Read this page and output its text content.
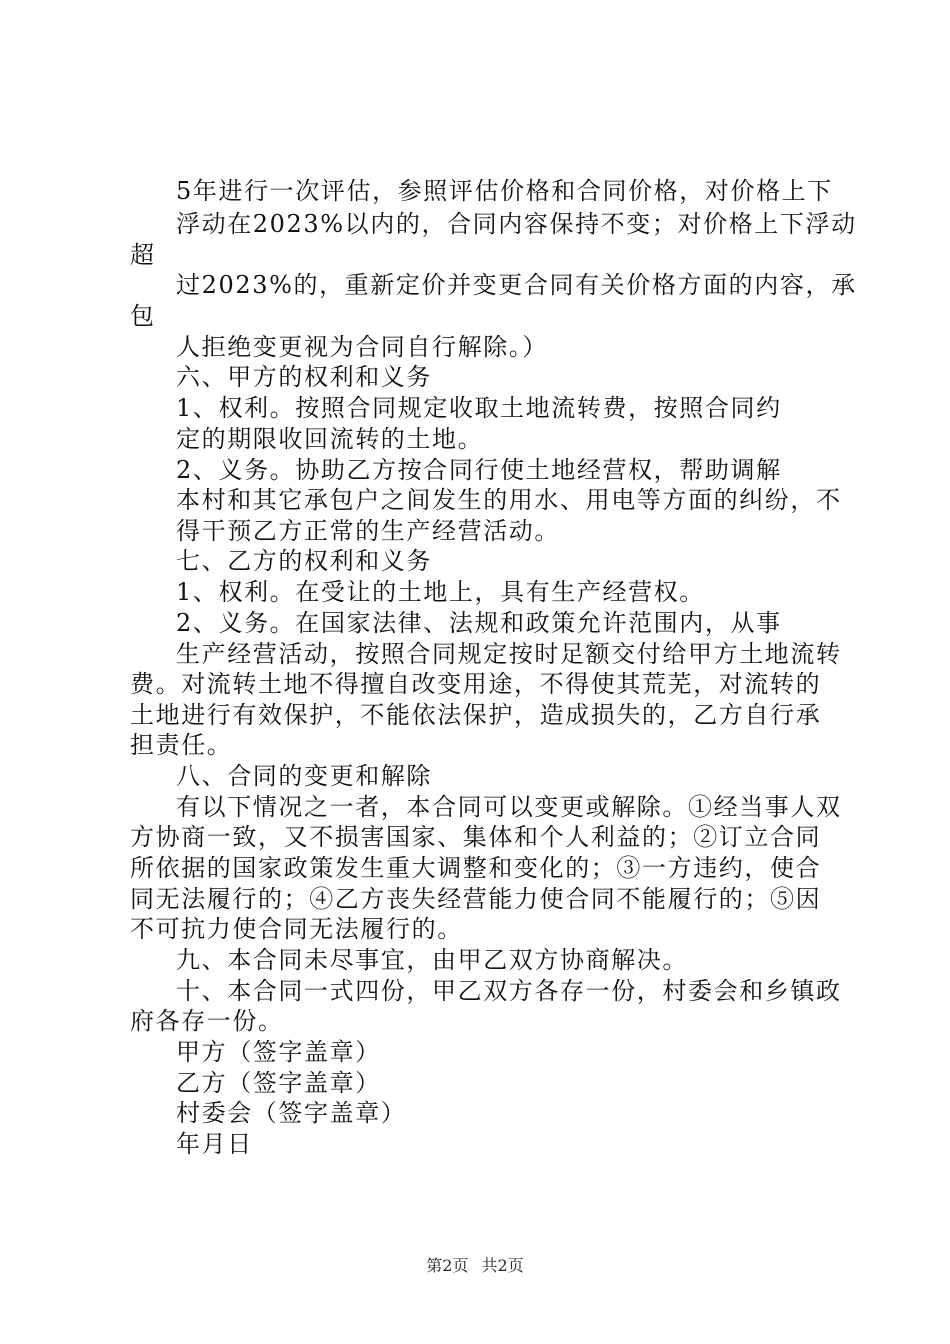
5年进行一次评估，参照评估价格和合同价格，对价格上下
浮动在2023%以内的，合同内容保持不变；对价格上下浮动
超
过2023%的，重新定价并变更合同有关价格方面的内容，承
包
人拒绝变更视为合同自行解除。）
六、甲方的权利和义务
1、权利。按照合同规定收取土地流转费，按照合同约
定的期限收回流转的土地。
2、义务。协助乙方按合同行使土地经营权，帮助调解
本村和其它承包户之间发生的用水、用电等方面的纠纷，不
得干预乙方正常的生产经营活动。
七、乙方的权利和义务
1、权利。在受让的土地上，具有生产经营权。
2、义务。在国家法律、法规和政策允许范围内，从事
生产经营活动，按照合同规定按时足额交付给甲方土地流转
费。对流转土地不得擅自改变用途，不得使其荒芜，对流转的
土地进行有效保护，不能依法保护，造成损失的，乙方自行承
担责任。
八、合同的变更和解除
有以下情况之一者，本合同可以变更或解除。①经当事人双
方协商一致，又不损害国家、集体和个人利益的；②订立合同
所依据的国家政策发生重大调整和变化的；③一方违约，使合
同无法履行的；④乙方丧失经营能力使合同不能履行的；⑤因
不可抗力使合同无法履行的。
九、本合同未尽事宜，由甲乙双方协商解决。
十、本合同一式四份，甲乙双方各存一份，村委会和乡镇政
府各存一份。
甲方（签字盖章）
乙方（签字盖章）
村委会（签字盖章）
年月日
第2页 共2页
